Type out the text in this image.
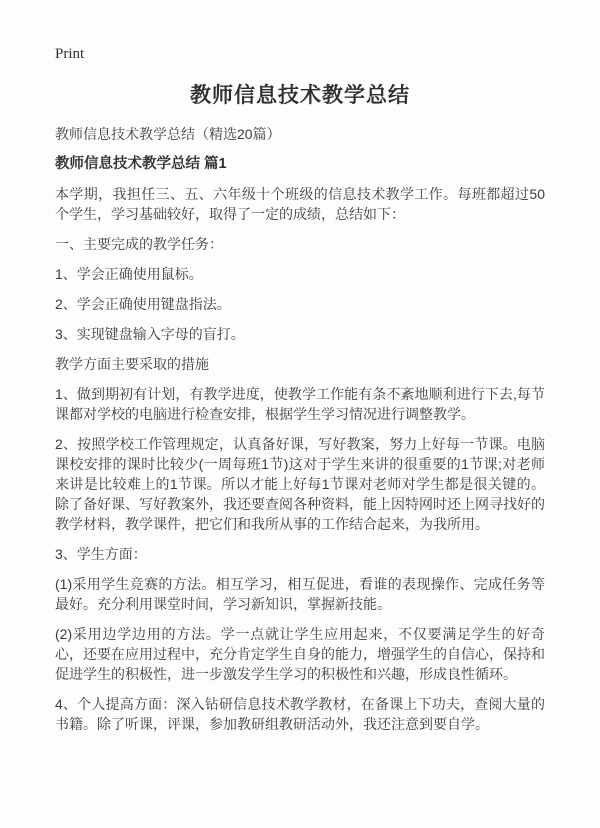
Print
教师信息技术教学总结

教师信息技术教学总结（精选20篇）

教师信息技术教学总结 篇1

本学期，我担任三、五、六年级十个班级的信息技术教学工作。每班都超过50个学生，学习基础较好，取得了一定的成绩，总结如下：

一、主要完成的教学任务：

1、学会正确使用鼠标。

2、学会正确使用键盘指法。

3、实现键盘输入字母的盲打。

教学方面主要采取的措施

1、做到期初有计划，有教学进度，使教学工作能有条不紊地顺利进行下去,每节课都对学校的电脑进行检查安排，根据学生学习情况进行调整教学。

2、按照学校工作管理规定，认真备好课，写好教案，努力上好每一节课。电脑课校安排的课时比较少(一周每班1节)这对于学生来讲的很重要的1节课;对老师来讲是比较难上的1节课。所以才能上好每1节课对老师对学生都是很关键的。除了备好课、写好教案外，我还要查阅各种资料，能上因特网时还上网寻找好的教学材料，教学课件，把它们和我所从事的工作结合起来，为我所用。

3、学生方面：

(1)采用学生竞赛的方法。相互学习，相互促进，看谁的表现操作、完成任务等最好。充分利用课堂时间，学习新知识，掌握新技能。

(2)采用边学边用的方法。学一点就让学生应用起来，不仅要满足学生的好奇心，还要在应用过程中，充分肯定学生自身的能力，增强学生的自信心，保持和促进学生的积极性，进一步激发学生学习的积极性和兴趣，形成良性循环。

4、个人提高方面：深入钻研信息技术教学教材，在备课上下功夫，查阅大量的书籍。除了听课，评课，参加教研组教研活动外，我还注意到要自学。
